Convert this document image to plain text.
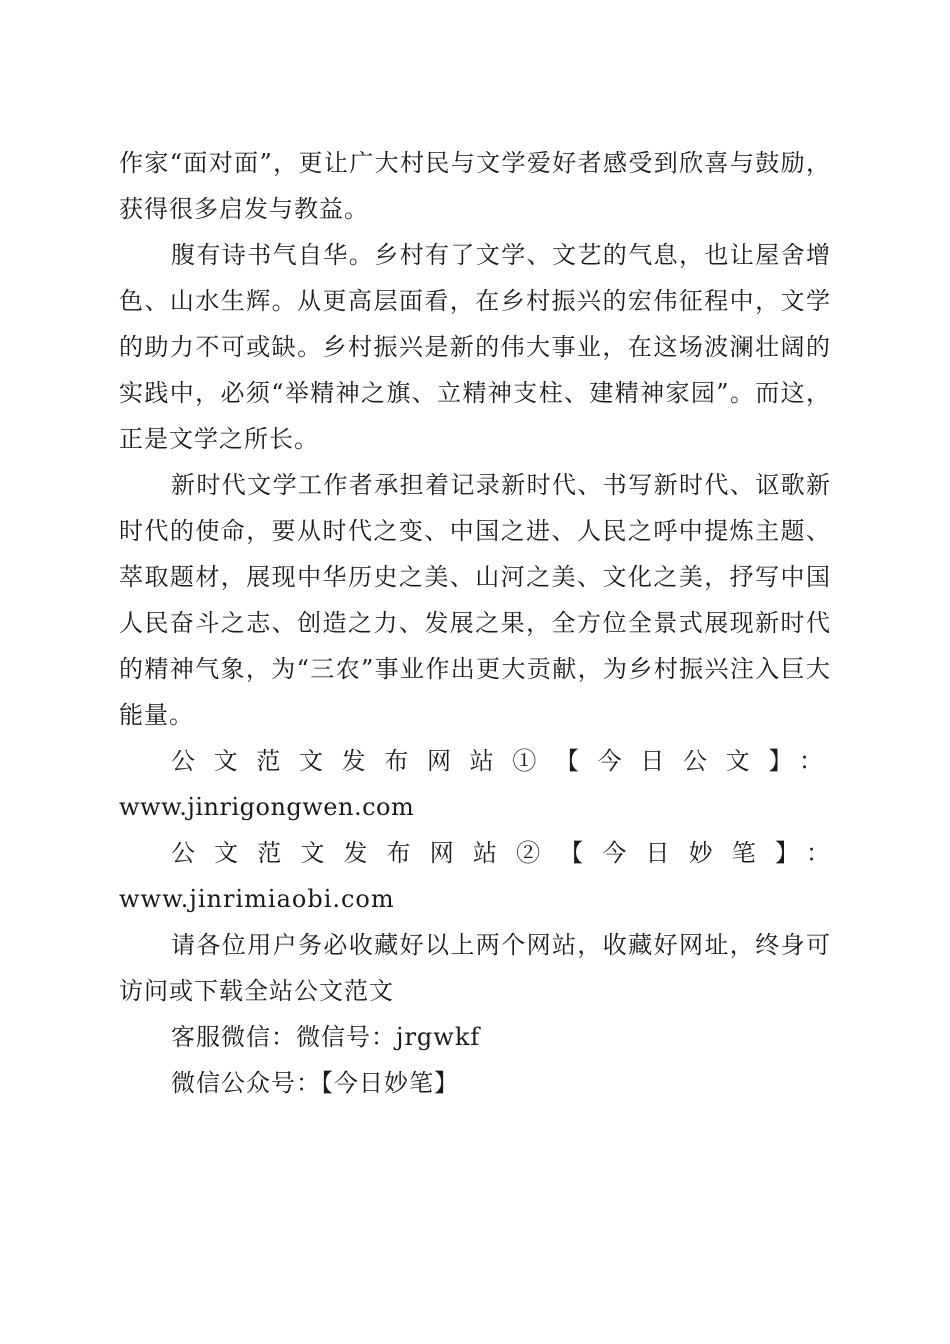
作家“面对面”，更让广大村民与文学爱好者感受到欣喜与鼓励，获得很多启发与教益。

腹有诗书气自华。乡村有了文学、文艺的气息，也让屋舍增色、山水生辉。从更高层面看，在乡村振兴的宏伟征程中，文学的助力不可或缺。乡村振兴是新的伟大事业，在这场波澜壮阔的实践中，必须“举精神之旗、立精神支柱、建精神家园”。而这，正是文学之所长。

新时代文学工作者承担着记录新时代、书写新时代、讴歌新时代的使命，要从时代之变、中国之进、人民之呼中提炼主题、萃取题材，展现中华历史之美、山河之美、文化之美，抒写中国人民奋斗之志、创造之力、发展之果，全方位全景式展现新时代的精神气象，为“三农”事业作出更大贡献，为乡村振兴注入巨大能量。

公文范文发布网站①【今日公文】：

www.jinrigongwen.com

公文范文发布网站②【今日妙笔】：www.jinrimiaobi.com

请各位用户务必收藏好以上两个网站，收藏好网址，终身可访问或下载全站公文范文

客服微信：微信号：jrgwkf

微信公众号：【今日妙笔】
